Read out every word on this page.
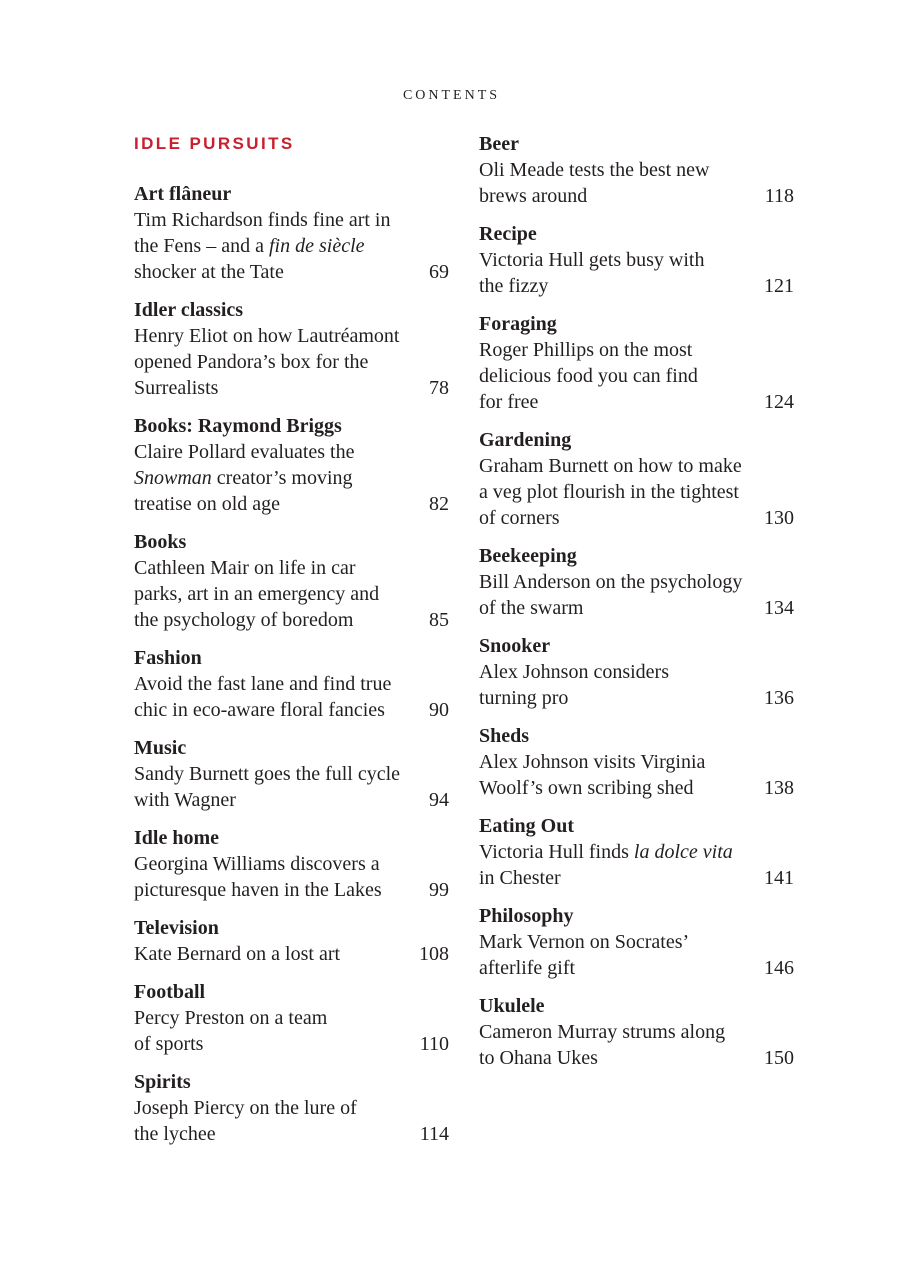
CONTENTS
IDLE PURSUITS
Art flâneur
Tim Richardson finds fine art in
the Fens – and a fin de siècle
shocker at the Tate	69
Idler classics
Henry Eliot on how Lautréamont
opened Pandora’s box for the
Surrealists	78
Books: Raymond Briggs
Claire Pollard evaluates the
Snowman creator’s moving
treatise on old age	82
Books
Cathleen Mair on life in car
parks, art in an emergency and
the psychology of boredom	85
Fashion
Avoid the fast lane and find true
chic in eco-aware floral fancies 90
Music
Sandy Burnett goes the full cycle
with Wagner	94
Idle home
Georgina Williams discovers a
picturesque haven in the Lakes 99
Television
Kate Bernard on a lost art	108
Football
Percy Preston on a team
of sports	110
Spirits
Joseph Piercy on the lure of
the lychee	114
Beer
Oli Meade tests the best new
brews around	118
Recipe
Victoria Hull gets busy with
the fizzy	121
Foraging
Roger Phillips on the most
delicious food you can find
for free	124
Gardening
Graham Burnett on how to make
a veg plot flourish in the tightest
of corners	130
Beekeeping
Bill Anderson on the psychology
of the swarm	134
Snooker
Alex Johnson considers
turning pro	136
Sheds
Alex Johnson visits Virginia
Woolf’s own scribing shed	138
Eating Out
Victoria Hull finds la dolce vita
in Chester	141
Philosophy
Mark Vernon on Socrates’
afterlife gift	146
Ukulele
Cameron Murray strums along
to Ohana Ukes	150
